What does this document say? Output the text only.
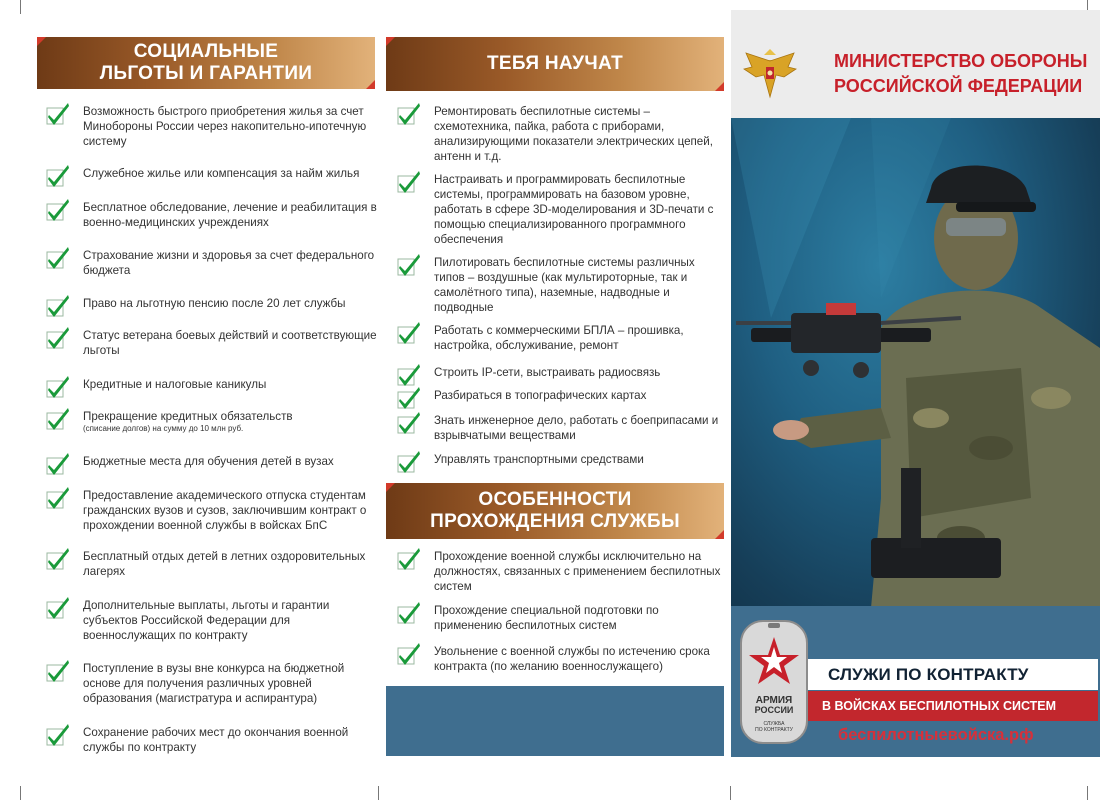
СОЦИАЛЬНЫЕ
ЛЬГОТЫ И ГАРАНТИИ
Возможность быстрого приобретения жилья за счет Минобороны России через накопительно-ипотечную систему
Служебное жилье или компенсация за найм жилья
Бесплатное обследование, лечение и реабилитация в военно-медицинских учреждениях
Страхование жизни и здоровья за счет федерального бюджета
Право на льготную пенсию после 20 лет службы
Статус ветерана боевых действий и соответствующие льготы
Кредитные и налоговые каникулы
Прекращение кредитных обязательств
(списание долгов) на сумму до 10 млн руб.
Бюджетные места для обучения детей в вузах
Предоставление академического отпуска студентам гражданских вузов и сузов, заключившим контракт о прохождении военной службы в войсках БпС
Бесплатный отдых детей в летних оздоровительных лагерях
Дополнительные выплаты, льготы и гарантии субъектов Российской Федерации для военнослужащих по контракту
Поступление в вузы вне конкурса на бюджетной основе для получения различных уровней образования (магистратура и аспирантура)
Сохранение рабочих мест до окончания военной службы по контракту
ТЕБЯ НАУЧАТ
Ремонтировать беспилотные системы – схемотехника, пайка, работа с приборами, анализирующими показатели электрических цепей, антенн и т.д.
Настраивать и программировать беспилотные системы, программировать на базовом уровне, работать в сфере 3D-моделирования и 3D-печати с помощью специализированного программного обеспечения
Пилотировать беспилотные системы различных типов – воздушные (как мультироторные, так и самолётного типа), наземные, надводные и подводные
Работать с коммерческими БПЛА – прошивка, настройка, обслуживание, ремонт
Строить IP-сети, выстраивать радиосвязь
Разбираться в топографических картах
Знать инженерное дело, работать с боеприпасами и взрывчатыми веществами
Управлять транспортными средствами
ОСОБЕННОСТИ
ПРОХОЖДЕНИЯ СЛУЖБЫ
Прохождение военной службы исключительно на должностях, связанных с применением беспилотных систем
Прохождение специальной подготовки по применению беспилотных систем
Увольнение с военной службы по истечению срока контракта (по желанию военнослужащего)
МИНИСТЕРСТВО ОБОРОНЫ
РОССИЙСКОЙ ФЕДЕРАЦИИ
АРМИЯ
РОССИИ
СЛУЖБА
ПО КОНТРАКТУ
СЛУЖИ ПО КОНТРАКТУ
В ВОЙСКАХ БЕСПИЛОТНЫХ СИСТЕМ
беспилотныевойска.рф
